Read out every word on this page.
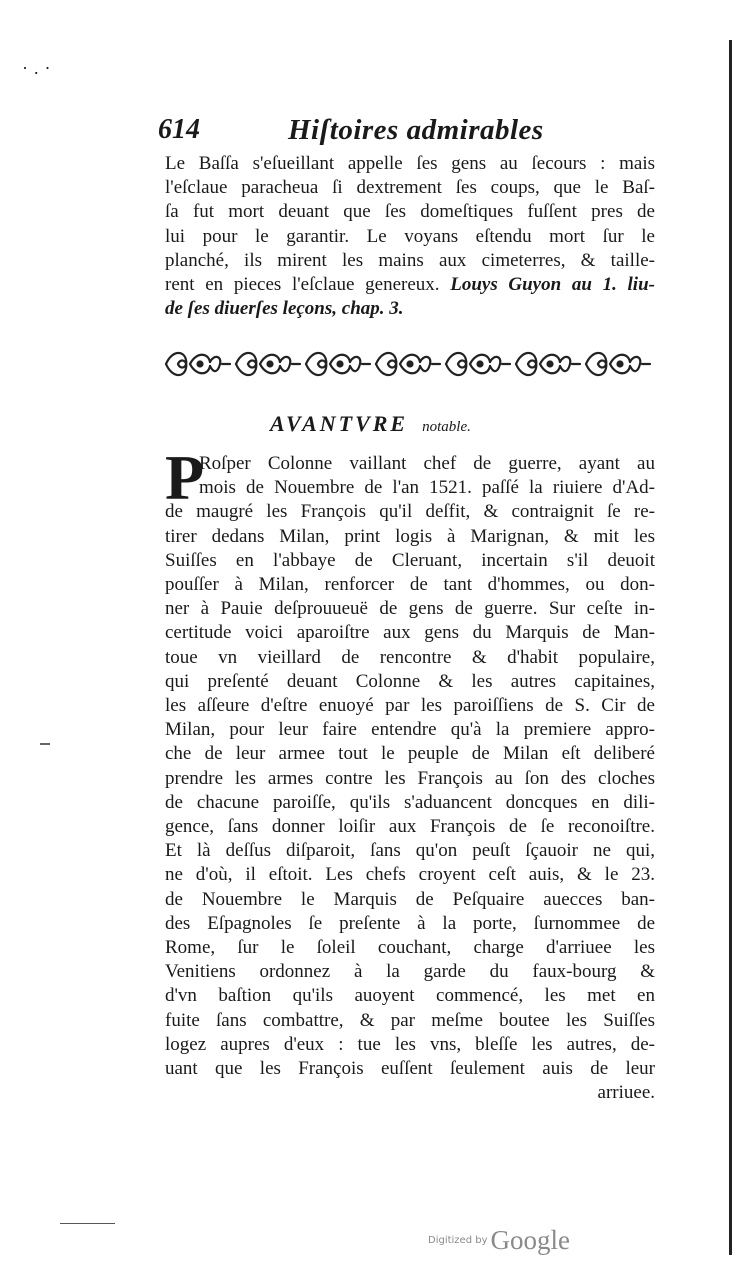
·.·
614	Hiſtoires admirables
Le Baſſa s'eſueillant appelle ſes gens au ſecours : mais
l'eſclaue paracheua ſi dextrement ſes coups, que le Baſ-
ſa fut mort deuant que ſes domeſtiques fuſſent pres de
lui pour le garantir. Le voyans eſtendu mort ſur le
planché, ils mirent les mains aux cimeterres, & taille-
rent en pieces l'eſclaue genereux. Louys Guyon au 1. liu-
de ſes diuerſes leçons, chap. 3.
AVANTVRE notable.
P
Roſper Colonne vaillant chef de guerre, ayant au
mois de Nouembre de l'an 1521. paſſé la riuiere d'Ad-
de maugré les François qu'il deſfit, & contraignit ſe re-
tirer dedans Milan, print logis à Marignan, & mit les
Suiſſes en l'abbaye de Cleruant, incertain s'il deuoit
pouſſer à Milan, renforcer de tant d'hommes, ou don-
ner à Pauie deſprouueuë de gens de guerre. Sur ceſte in-
certitude voici aparoiſtre aux gens du Marquis de Man-
toue vn vieillard de rencontre & d'habit populaire,
qui preſenté deuant Colonne & les autres capitaines,
les aſſeure d'eſtre enuoyé par les paroiſſiens de S. Cir de
Milan, pour leur faire entendre qu'à la premiere appro-
che de leur armee tout le peuple de Milan eſt deliberé
prendre les armes contre les François au ſon des cloches
de chacune paroiſſe, qu'ils s'aduancent doncques en dili-
gence, ſans donner loiſir aux François de ſe reconoiſtre.
Et là deſſus diſparoit, ſans qu'on peuſt ſçauoir ne qui,
ne d'où, il eſtoit. Les chefs croyent ceſt auis, & le 23.
de Nouembre le Marquis de Peſquaire auecces ban-
des Eſpagnoles ſe preſente à la porte, ſurnommee de
Rome, ſur le ſoleil couchant, charge d'arriuee les
Venitiens ordonnez à la garde du faux-bourg &
d'vn baſtion qu'ils auoyent commencé, les met en
fuite ſans combattre, & par meſme boutee les Suiſſes
logez aupres d'eux : tue les vns, bleſſe les autres, de-
uant que les François euſſent ſeulement auis de leur
arriuee.
Digitized by Google
